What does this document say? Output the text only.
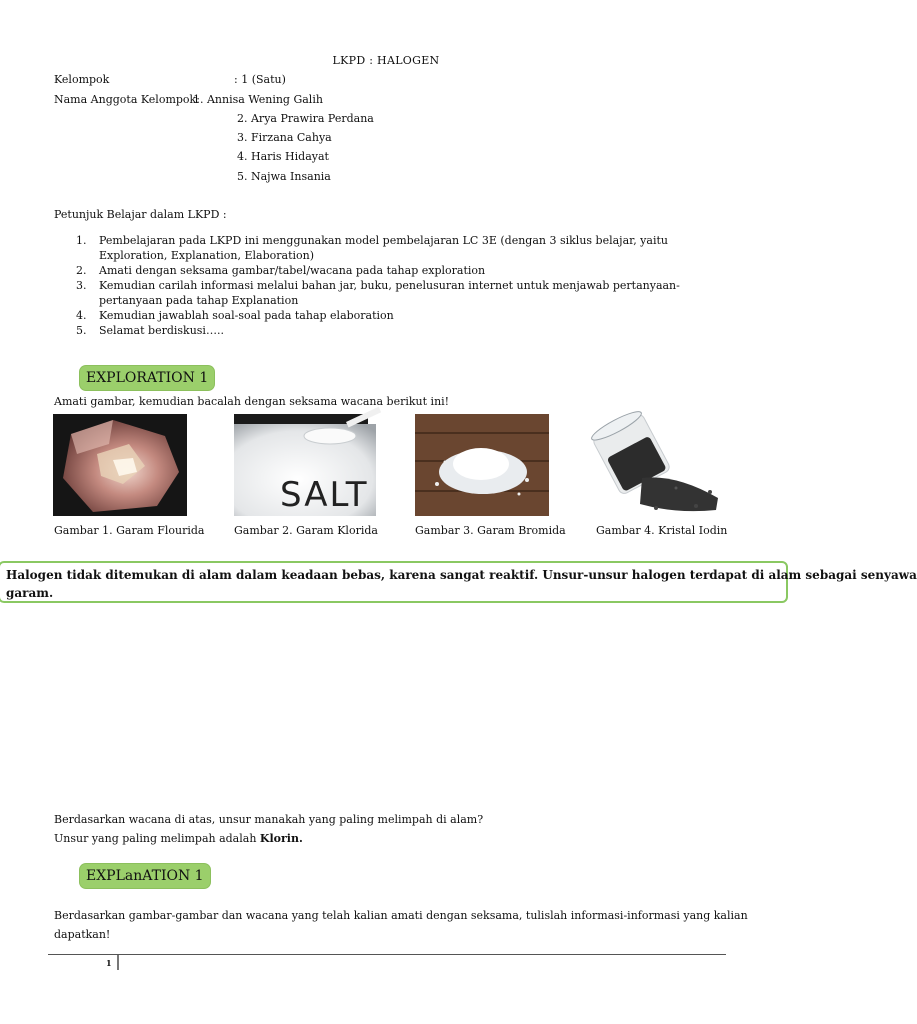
LKPD : HALOGEN
Kelompok	: 1 (Satu)
Nama Anggota Kelompok:
1. Annisa Wening Galih
2. Arya Prawira Perdana
3. Firzana Cahya
4. Haris Hidayat
5. Najwa Insania
Petunjuk Belajar dalam LKPD :
1.	Pembelajaran pada LKPD ini menggunakan model pembelajaran LC 3E (dengan 3 siklus belajar, yaitu Exploration, Explanation, Elaboration)
2.	Amati dengan seksama gambar/tabel/wacana pada tahap exploration
3.	Kemudian carilah informasi melalui bahan jar, buku, penelusuran internet untuk menjawab pertanyaan-pertanyaan pada tahap Explanation
4.	Kemudian jawablah soal-soal pada tahap elaboration
5.	Selamat berdiskusi…..
EXPLORATION 1
Amati gambar, kemudian bacalah dengan seksama wacana berikut ini!
SALT
Gambar 1. Garam Flourida	Gambar 2. Garam Klorida	Gambar 3. Garam Bromida	Gambar 4. Kristal Iodin
Halogen tidak ditemukan di alam dalam keadaan bebas, karena sangat reaktif. Unsur-unsur halogen terdapat di alam sebagai senyawa
garam.
Berdasarkan wacana di atas, unsur manakah yang paling melimpah di alam?
Unsur yang paling melimpah adalah Klorin.
EXPLanATION 1
Berdasarkan gambar-gambar dan wacana yang telah kalian amati dengan seksama, tulislah informasi-informasi yang kalian
dapatkan!
1
